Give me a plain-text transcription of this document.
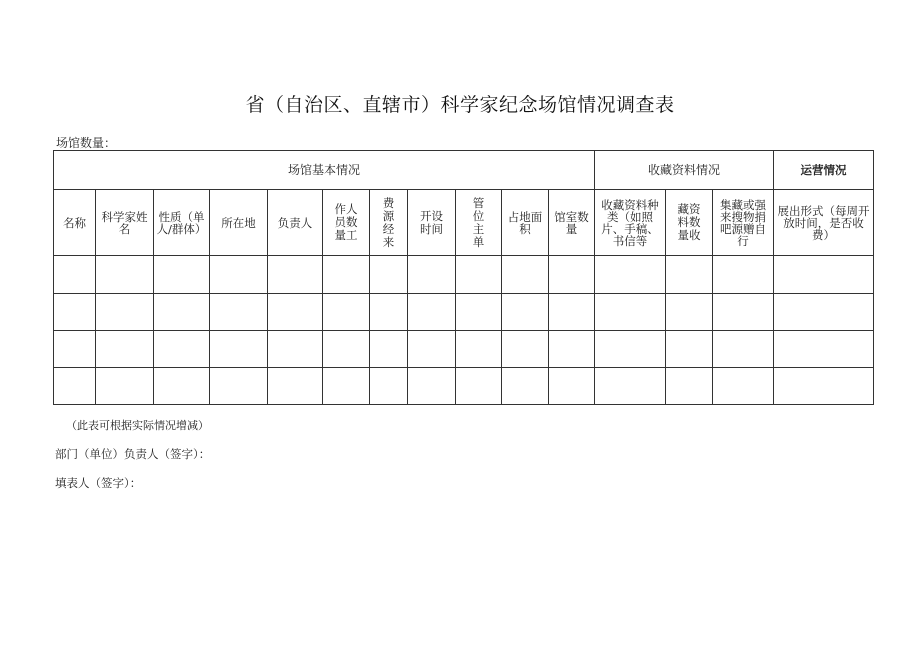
省（自治区、直辖市）科学家纪念场馆情况调查表
场馆数量：
场馆基本情况											收藏资料情况			运营情况
名称	科学家姓名	性质（单人/群体）	所在地	负责人	作人员数量工	费源经来	开设时间	管位主单	占地面积	馆室数量	收藏资料种类（如照片、手稿、书信等	藏资料数量收	集藏或强来搜物捐吧源赠自行	展出形式（每周开放时间，是否收费）

（此表可根据实际情况增减）
部门（单位）负责人（签字）：
填表人（签字）：
